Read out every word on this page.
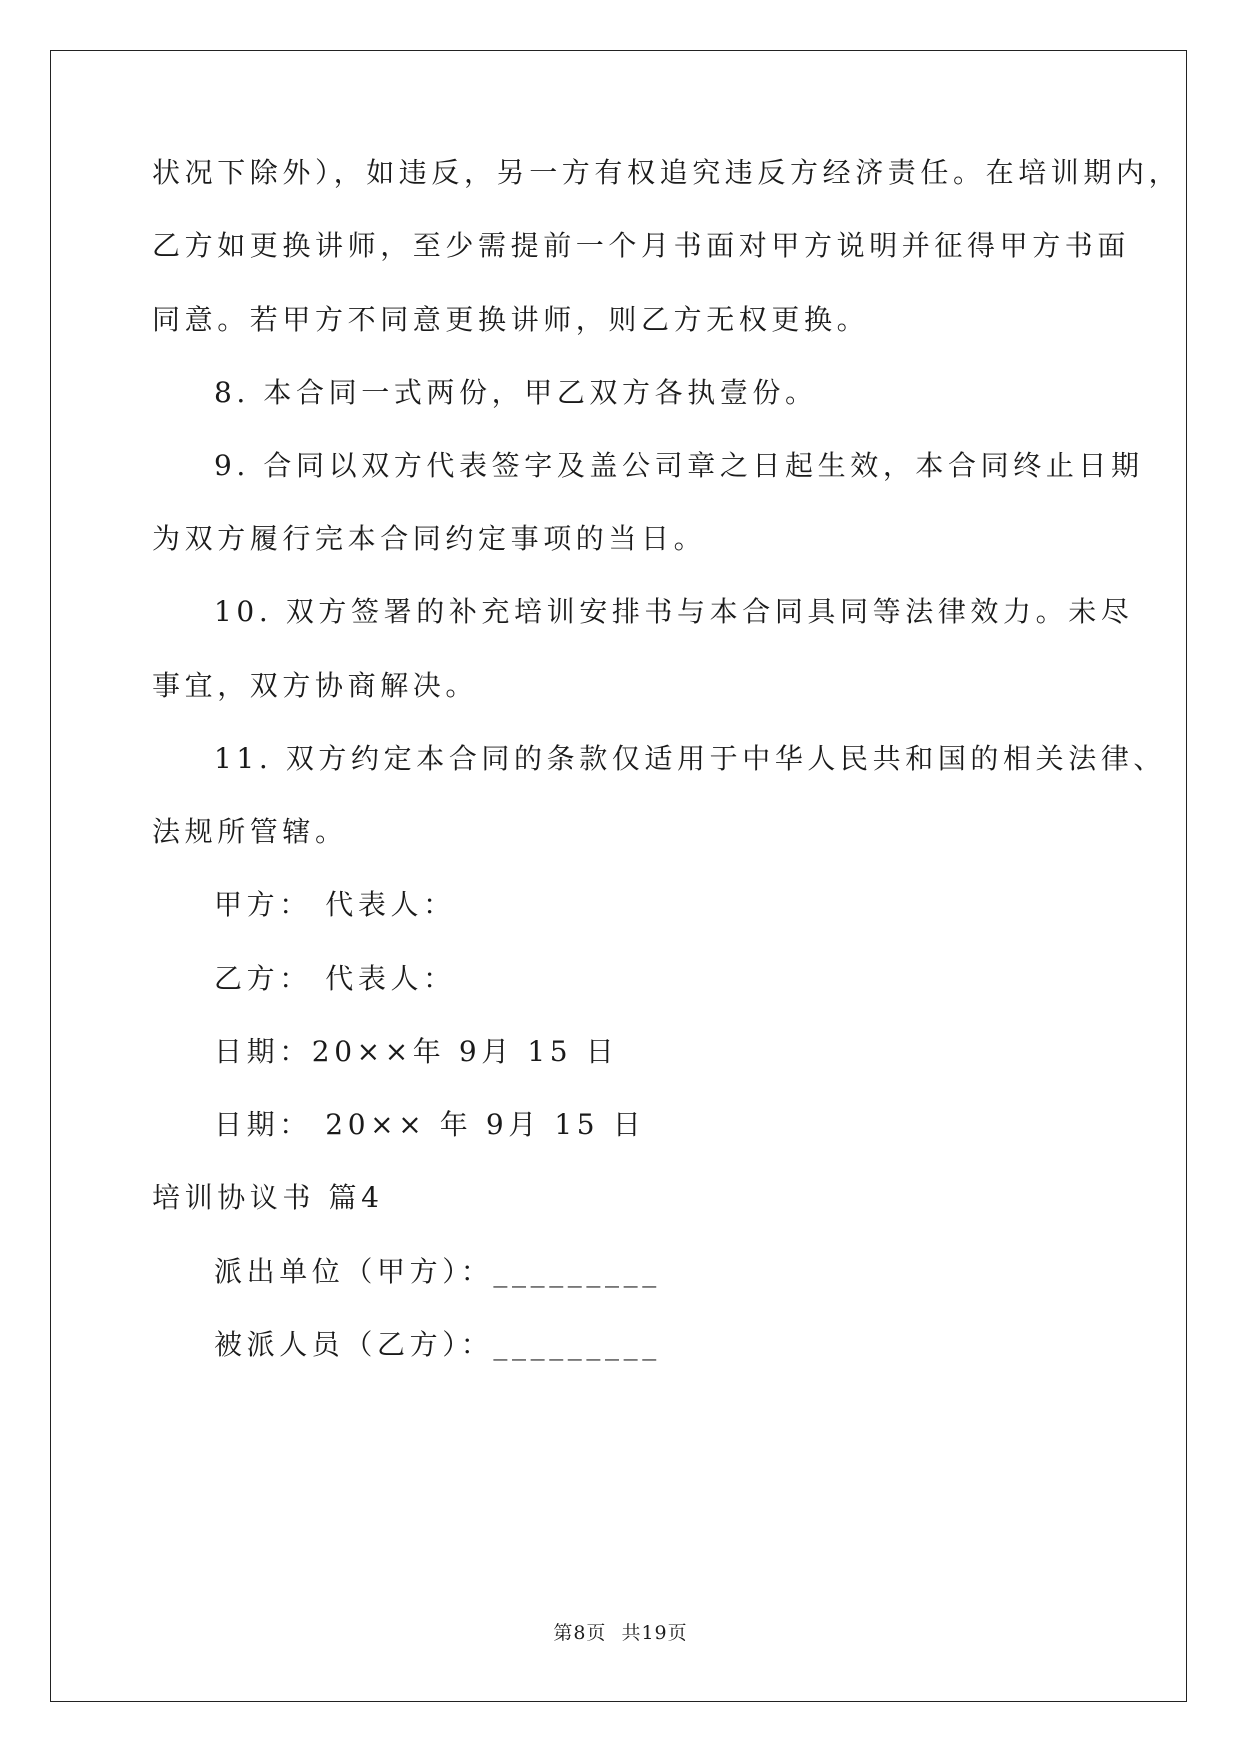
状况下除外），如违反，另一方有权追究违反方经济责任。在培训期内，
乙方如更换讲师，至少需提前一个月书面对甲方说明并征得甲方书面
同意。若甲方不同意更换讲师，则乙方无权更换。
8. 本合同一式两份，甲乙双方各执壹份。
9. 合同以双方代表签字及盖公司章之日起生效，本合同终止日期
为双方履行完本合同约定事项的当日。
10. 双方签署的补充培训安排书与本合同具同等法律效力。未尽
事宜，双方协商解决。
11. 双方约定本合同的条款仅适用于中华人民共和国的相关法律、
法规所管辖。
甲方： 代表人：
乙方： 代表人：
日期：20××年 9月 15 日
日期： 20×× 年 9月 15 日
培训协议书 篇4
派出单位（甲方）：_________
被派人员（乙方）：_________
第8页 共19页
